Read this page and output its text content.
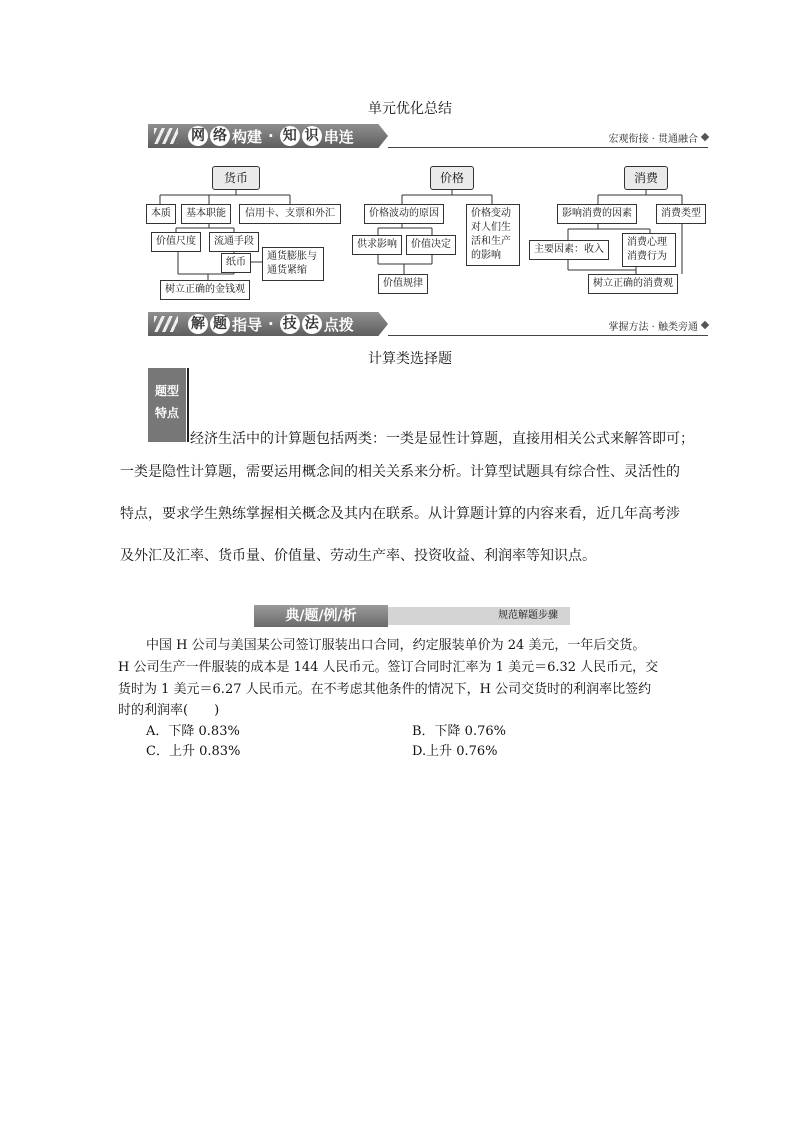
单元优化总结
网 络 构建 · 知 识 串连	宏观衔接 · 贯通融合
货币	价格	消费
本质	基本职能	信用卡、支票和外汇
价值尺度	流通手段
纸币
通货膨胀与通货紧缩
树立正确的金钱观
价格波动的原因	价格变动对人们生活和生产的影响
供求影响	价值决定
价值规律
影响消费的因素	消费类型
主要因素：收入
消费心理消费行为
树立正确的消费观
解 题 指导 · 技 法 点拨	掌握方法 · 触类旁通
计算类选择题
题型
特点
经济生活中的计算题包括两类：一类是显性计算题，直接用相关公式来解答即可；
一类是隐性计算题，需要运用概念间的相关关系来分析。计算型试题具有综合性、灵活性的
特点，要求学生熟练掌握相关概念及其内在联系。从计算题计算的内容来看，近几年高考涉
及外汇及汇率、货币量、价值量、劳动生产率、投资收益、利润率等知识点。
典/题/例/析	规范解题步骤
中国 H 公司与美国某公司签订服装出口合同，约定服装单价为 24 美元，一年后交货。
H 公司生产一件服装的成本是 144 人民币元。签订合同时汇率为 1 美元＝6.32 人民币元，交
货时为 1 美元＝6.27 人民币元。在不考虑其他条件的情况下，H 公司交货时的利润率比签约
时的利润率(　　)
A．下降 0.83%	B．下降 0.76%
C．上升 0.83%	D.上升 0.76%
